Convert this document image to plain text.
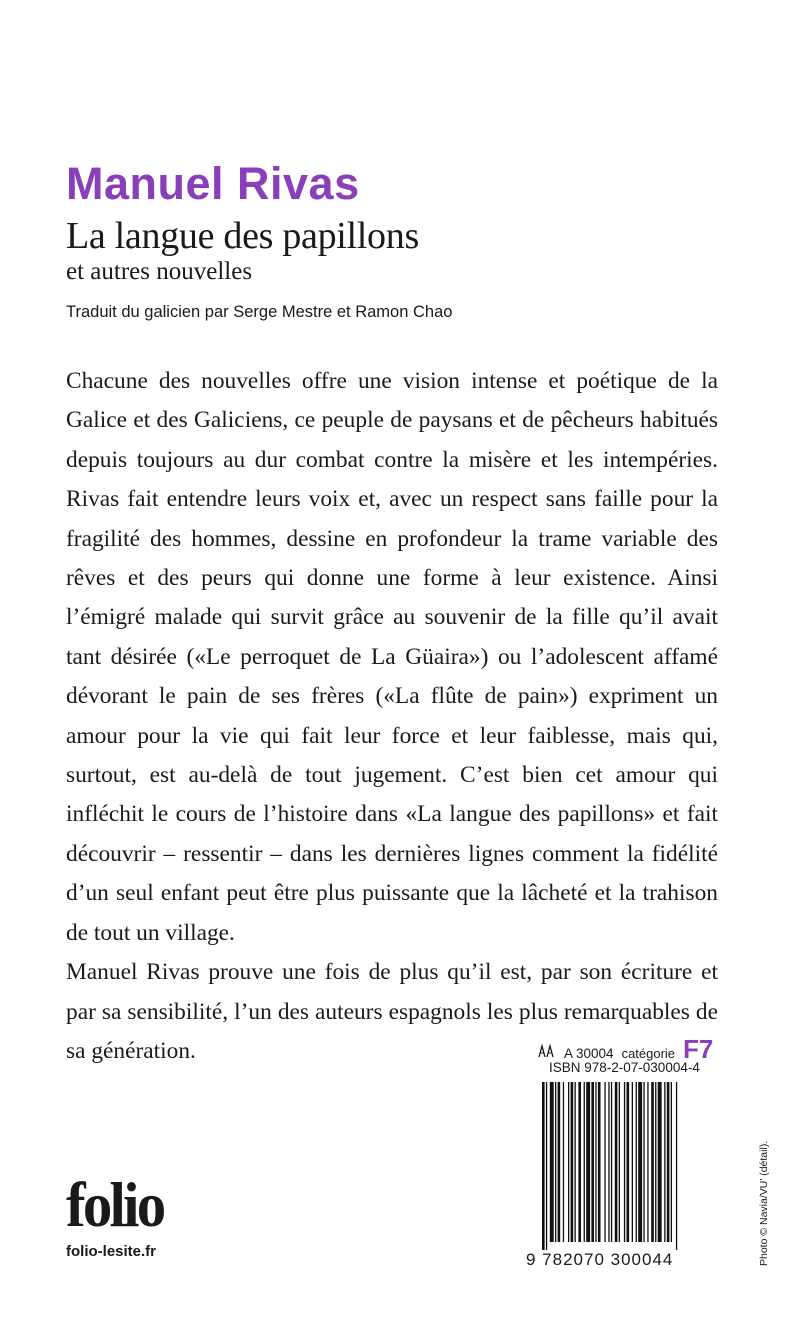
Manuel Rivas
La langue des papillons

et autres nouvelles

Traduit du galicien par Serge Mestre et Ramon Chao

Chacune des nouvelles offre une vision intense et poétique de la Galice et des Galiciens, ce peuple de paysans et de pêcheurs habitués depuis toujours au dur combat contre la misère et les intempéries. Rivas fait entendre leurs voix et, avec un respect sans faille pour la fragilité des hommes, dessine en profondeur la trame variable des rêves et des peurs qui donne une forme à leur existence. Ainsi l’émigré malade qui survit grâce au souvenir de la fille qu’il avait tant désirée («Le perroquet de La Güaira») ou l’adolescent affamé dévorant le pain de ses frères («La flûte de pain») expriment un amour pour la vie qui fait leur force et leur faiblesse, mais qui, surtout, est au-delà de tout jugement. C’est bien cet amour qui infléchit le cours de l’histoire dans «La langue des papillons» et fait découvrir – ressentir – dans les dernières lignes comment la fidélité d’un seul enfant peut être plus puissante que la lâcheté et la trahison de tout un village.

Manuel Rivas prouve une fois de plus qu’il est, par son écriture et par sa sensibilité, l’un des auteurs espagnols les plus remarquables de sa génération.	A 30004 catégorie F7

ISBN 978-2-07-030004-4

folio

folio-lesite.fr	9 782070 300044	Photo © Navia/VU’ (détail).
